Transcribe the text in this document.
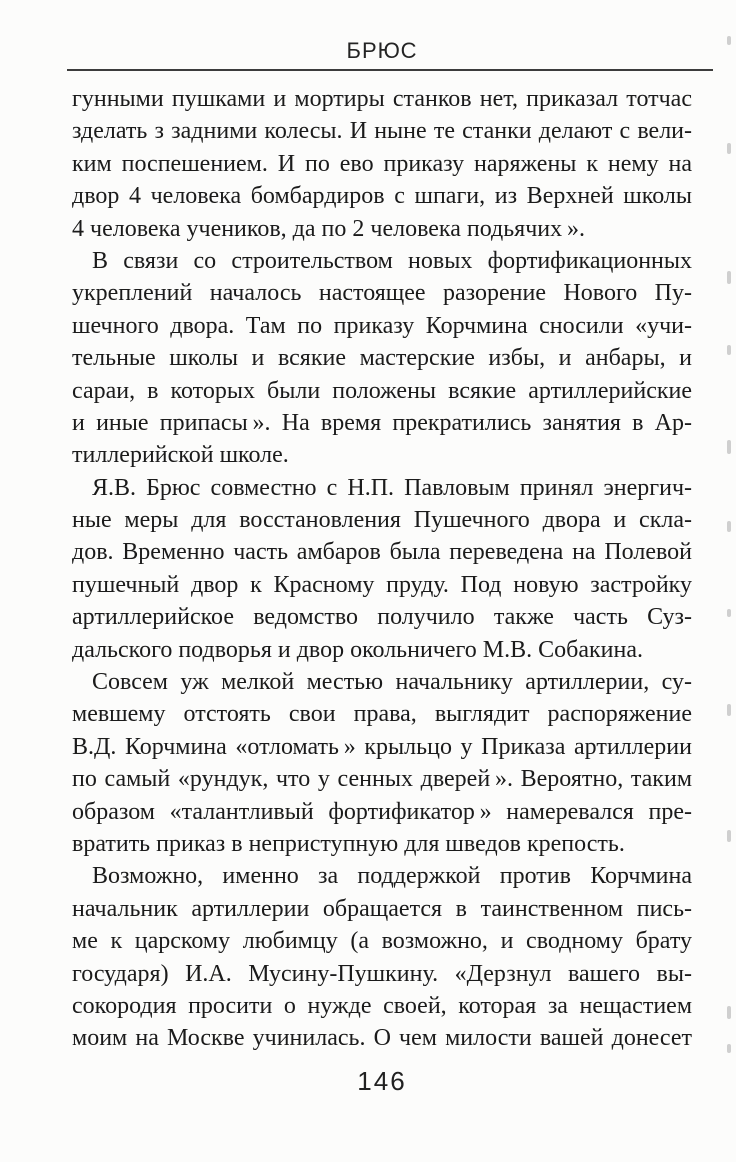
БРЮС
гунными пушками и мортиры станков нет, приказал тотчас
зделать з задними колесы. И ныне те станки делают с вели-
ким поспешением. И по ево приказу наряжены к нему на
двор 4 человека бомбардиров с шпаги, из Верхней школы
4 человека учеников, да по 2 человека подьячих ».
В связи со строительством новых фортификационных
укреплений началось настоящее разорение Нового Пу-
шечного двора. Там по приказу Корчмина сносили «учи-
тельные школы и всякие мастерские избы, и анбары, и
сараи, в которых были положены всякие артиллерийские
и иные припасы ». На время прекратились занятия в Ар-
тиллерийской школе.
Я.В. Брюс совместно с Н.П. Павловым принял энергич-
ные меры для восстановления Пушечного двора и скла-
дов. Временно часть амбаров была переведена на Полевой
пушечный двор к Красному пруду. Под новую застройку
артиллерийское ведомство получило также часть Суз-
дальского подворья и двор окольничего М.В. Собакина.
Совсем уж мелкой местью начальнику артиллерии, су-
мевшему отстоять свои права, выглядит распоряжение
В.Д. Корчмина «отломать » крыльцо у Приказа артиллерии
по самый «рундук, что у сенных дверей ». Вероятно, таким
образом «талантливый фортификатор » намеревался пре-
вратить приказ в неприступную для шведов крепость.
Возможно, именно за поддержкой против Корчмина
начальник артиллерии обращается в таинственном пись-
ме к царскому любимцу (а возможно, и сводному брату
государя) И.А. Мусину-Пушкину. «Дерзнул вашего вы-
сокородия просити о нужде своей, которая за нещастием
моим на Москве учинилась. О чем милости вашей донесет
146
